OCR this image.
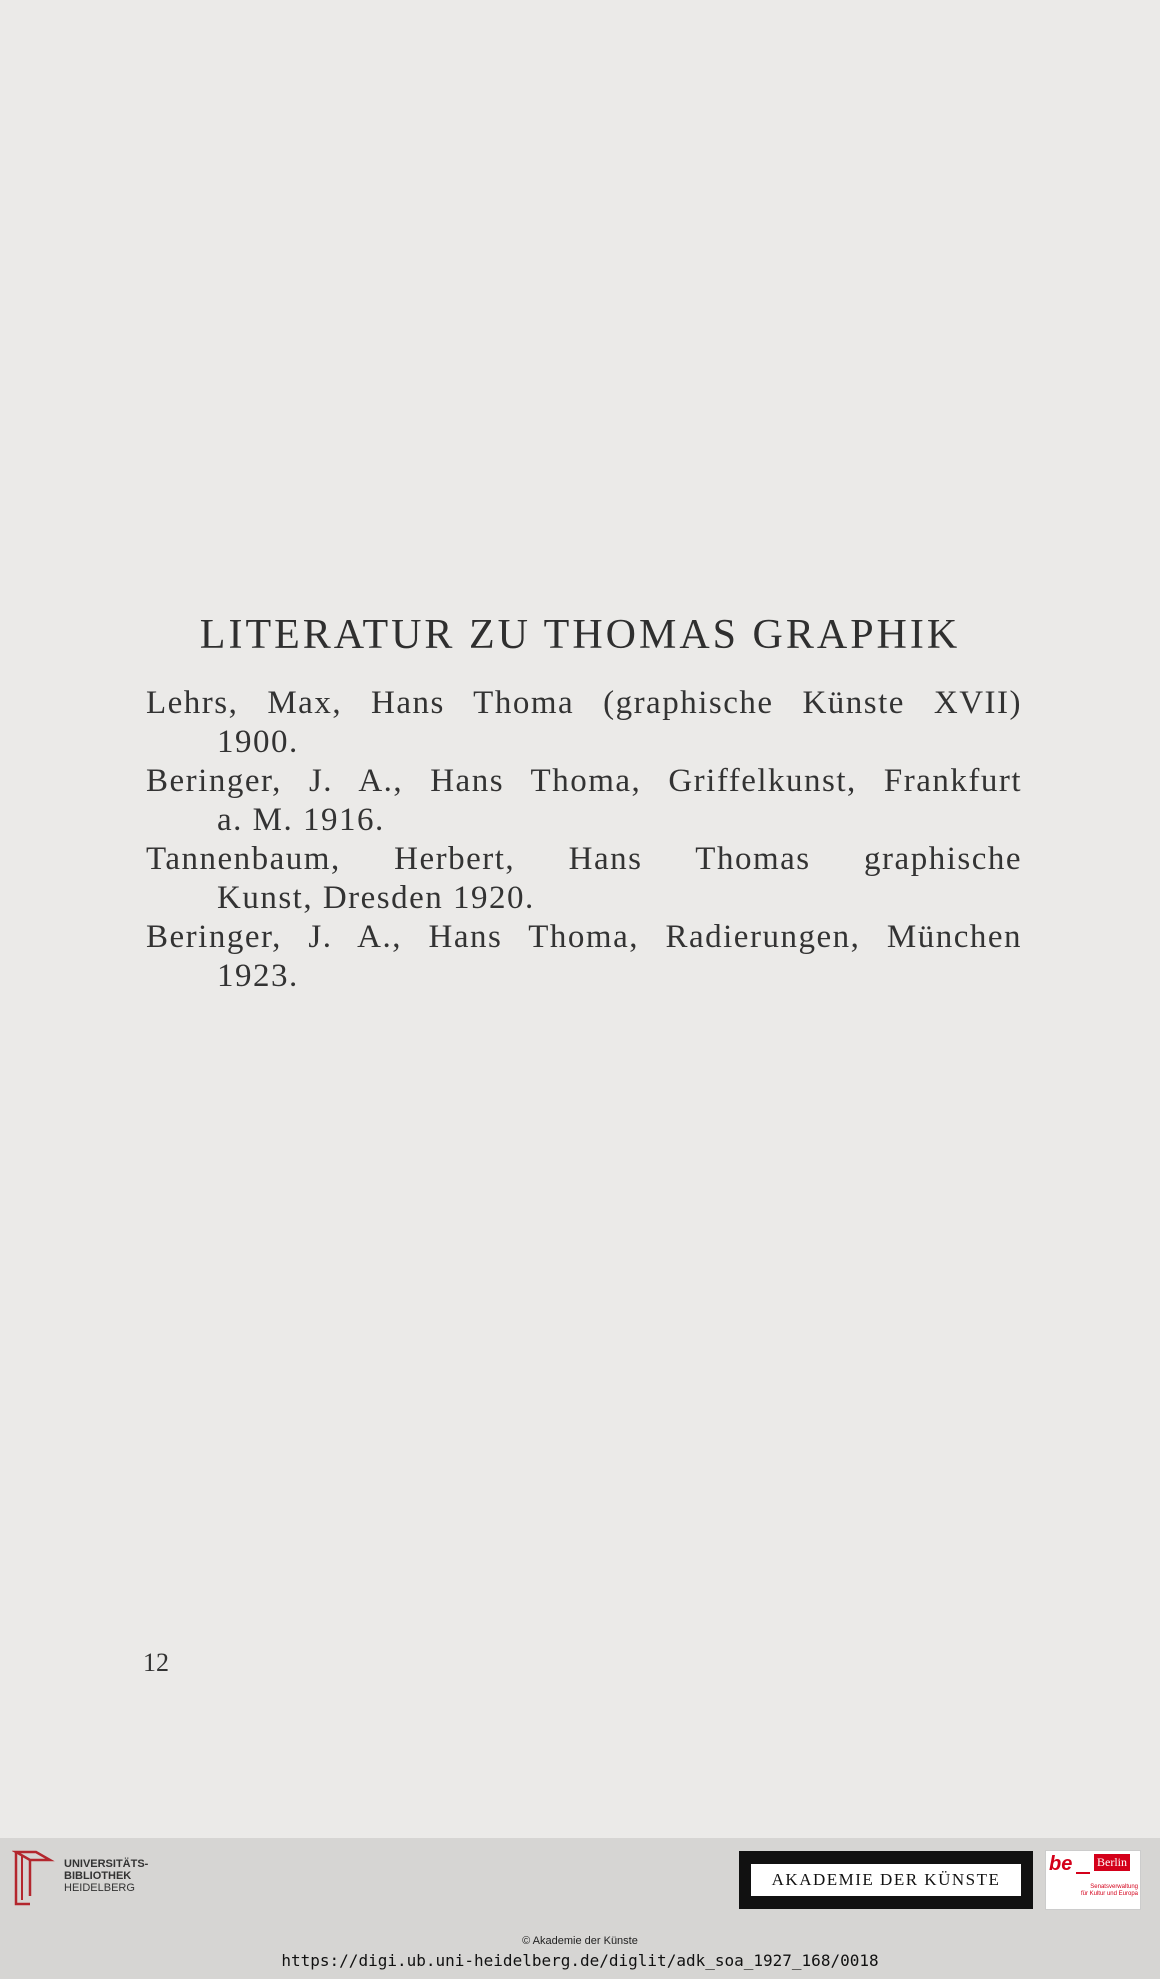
LITERATUR ZU THOMAS GRAPHIK

Lehrs, Max, Hans Thoma (graphische Künste XVII)
1900.

Beringer, J. A., Hans Thoma, Griffelkunst, Frankfurt
a. M. 1916.

Tannenbaum, Herbert, Hans Thomas graphische
Kunst, Dresden 1920.

Beringer, J. A., Hans Thoma, Radierungen, München
1923.

12
UNIVERSITÄTS-
BIBLIOTHEK
HEIDELBERG	AKADEMIE DER KÜNSTE
be Berlin
Senatsverwaltung
für Kultur und Europa
© Akademie der Künste
https://digi.ub.uni-heidelberg.de/diglit/adk_soa_1927_168/0018
